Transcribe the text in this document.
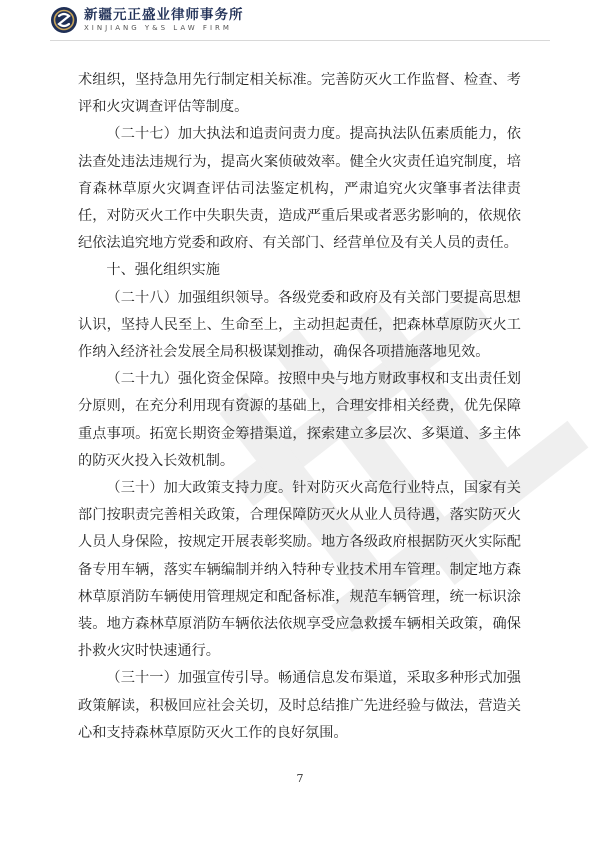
新疆元正盛业律师事务所
XINJIANG Y&S LAW FIRM

术组织，坚持急用先行制定相关标准。完善防灭火工作监督、检查、考评和火灾调查评估等制度。

（二十七）加大执法和追责问责力度。提高执法队伍素质能力，依法查处违法违规行为，提高火案侦破效率。健全火灾责任追究制度，培育森林草原火灾调查评估司法鉴定机构，严肃追究火灾肇事者法律责任，对防灭火工作中失职失责，造成严重后果或者恶劣影响的，依规依纪依法追究地方党委和政府、有关部门、经营单位及有关人员的责任。

十、强化组织实施

（二十八）加强组织领导。各级党委和政府及有关部门要提高思想认识，坚持人民至上、生命至上，主动担起责任，把森林草原防灭火工作纳入经济社会发展全局积极谋划推动，确保各项措施落地见效。

（二十九）强化资金保障。按照中央与地方财政事权和支出责任划分原则，在充分利用现有资源的基础上，合理安排相关经费，优先保障重点事项。拓宽长期资金筹措渠道，探索建立多层次、多渠道、多主体的防灭火投入长效机制。

（三十）加大政策支持力度。针对防灭火高危行业特点，国家有关部门按职责完善相关政策，合理保障防灭火从业人员待遇，落实防灭火人员人身保险，按规定开展表彰奖励。地方各级政府根据防灭火实际配备专用车辆，落实车辆编制并纳入特种专业技术用车管理。制定地方森林草原消防车辆使用管理规定和配备标准，规范车辆管理，统一标识涂装。地方森林草原消防车辆依法依规享受应急救援车辆相关政策，确保扑救火灾时快速通行。

（三十一）加强宣传引导。畅通信息发布渠道，采取多种形式加强政策解读，积极回应社会关切，及时总结推广先进经验与做法，营造关心和支持森林草原防灭火工作的良好氛围。

7
